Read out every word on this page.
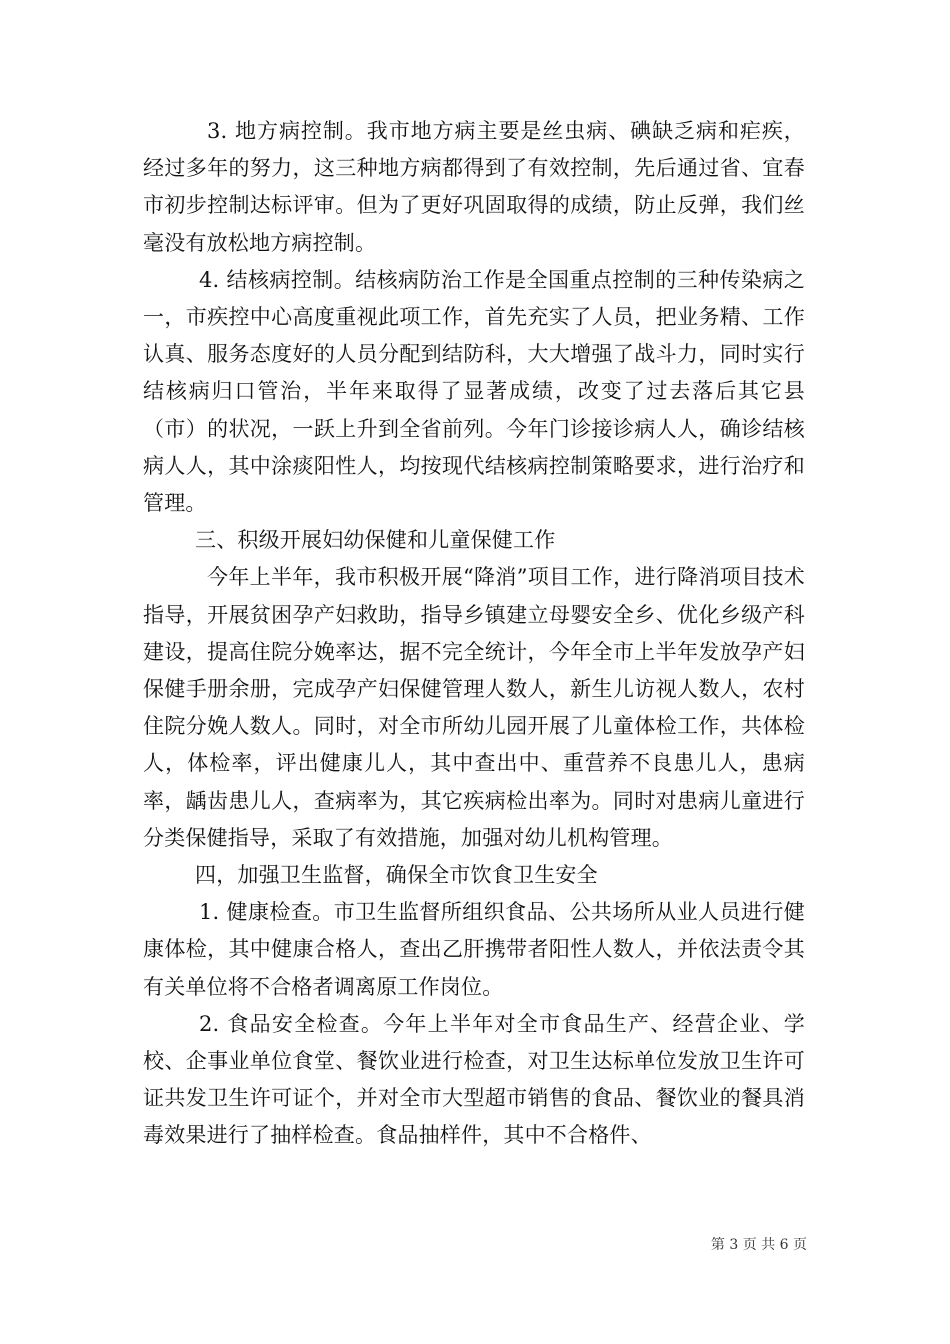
3. 地方病控制。我市地方病主要是丝虫病、碘缺乏病和疟疾，经过多年的努力，这三种地方病都得到了有效控制，先后通过省、宜春市初步控制达标评审。但为了更好巩固取得的成绩，防止反弹，我们丝毫没有放松地方病控制。

4. 结核病控制。结核病防治工作是全国重点控制的三种传染病之一，市疾控中心高度重视此项工作，首先充实了人员，把业务精、工作认真、服务态度好的人员分配到结防科，大大增强了战斗力，同时实行结核病归口管治，半年来取得了显著成绩，改变了过去落后其它县（市）的状况，一跃上升到全省前列。今年门诊接诊病人人，确诊结核病人人，其中涂痰阳性人，均按现代结核病控制策略要求，进行治疗和管理。

三、积级开展妇幼保健和儿童保健工作

今年上半年，我市积极开展“降消”项目工作，进行降消项目技术指导，开展贫困孕产妇救助，指导乡镇建立母婴安全乡、优化乡级产科建设，提高住院分娩率达，据不完全统计，今年全市上半年发放孕产妇保健手册余册，完成孕产妇保健管理人数人，新生儿访视人数人，农村住院分娩人数人。同时，对全市所幼儿园开展了儿童体检工作，共体检人，体检率，评出健康儿人，其中查出中、重营养不良患儿人，患病率，龋齿患儿人，查病率为，其它疾病检出率为。同时对患病儿童进行分类保健指导，采取了有效措施，加强对幼儿机构管理。

四，加强卫生监督，确保全市饮食卫生安全

1. 健康检查。市卫生监督所组织食品、公共场所从业人员进行健康体检，其中健康合格人，查出乙肝携带者阳性人数人，并依法责令其有关单位将不合格者调离原工作岗位。

2. 食品安全检查。今年上半年对全市食品生产、经营企业、学校、企事业单位食堂、餐饮业进行检查，对卫生达标单位发放卫生许可证共发卫生许可证个，并对全市大型超市销售的食品、餐饮业的餐具消毒效果进行了抽样检查。食品抽样件，其中不合格件、

第 3 页 共 6 页
